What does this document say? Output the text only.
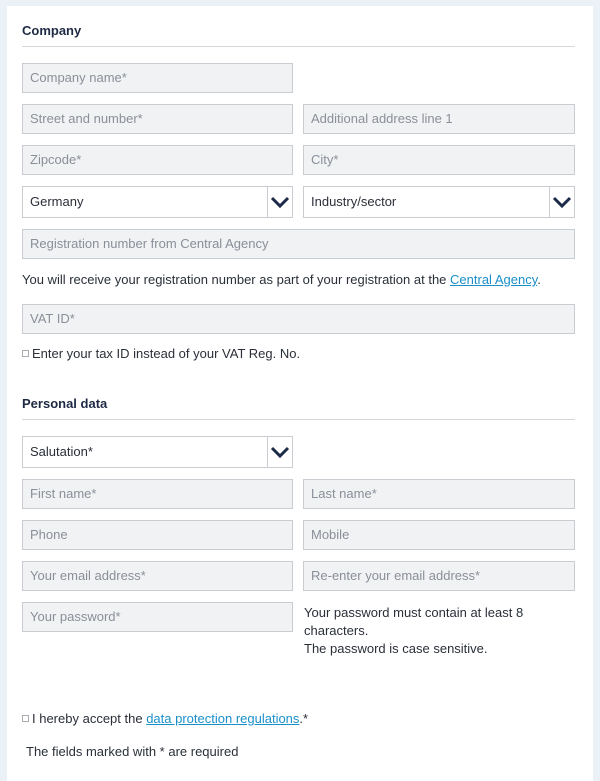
Company
Company name*
Street and number*	Additional address line 1
Zipcode*	City*
Germany	Industry/sector
Registration number from Central Agency
You will receive your registration number as part of your registration at the Central Agency.
VAT ID*
Enter your tax ID instead of your VAT Reg. No.
Personal data
Salutation*
First name*	Last name*
Phone	Mobile
Your email address*	Re-enter your email address*
Your password*	Your password must contain at least 8
characters.
The password is case sensitive.
I hereby accept the data protection regulations.*
The fields marked with * are required
